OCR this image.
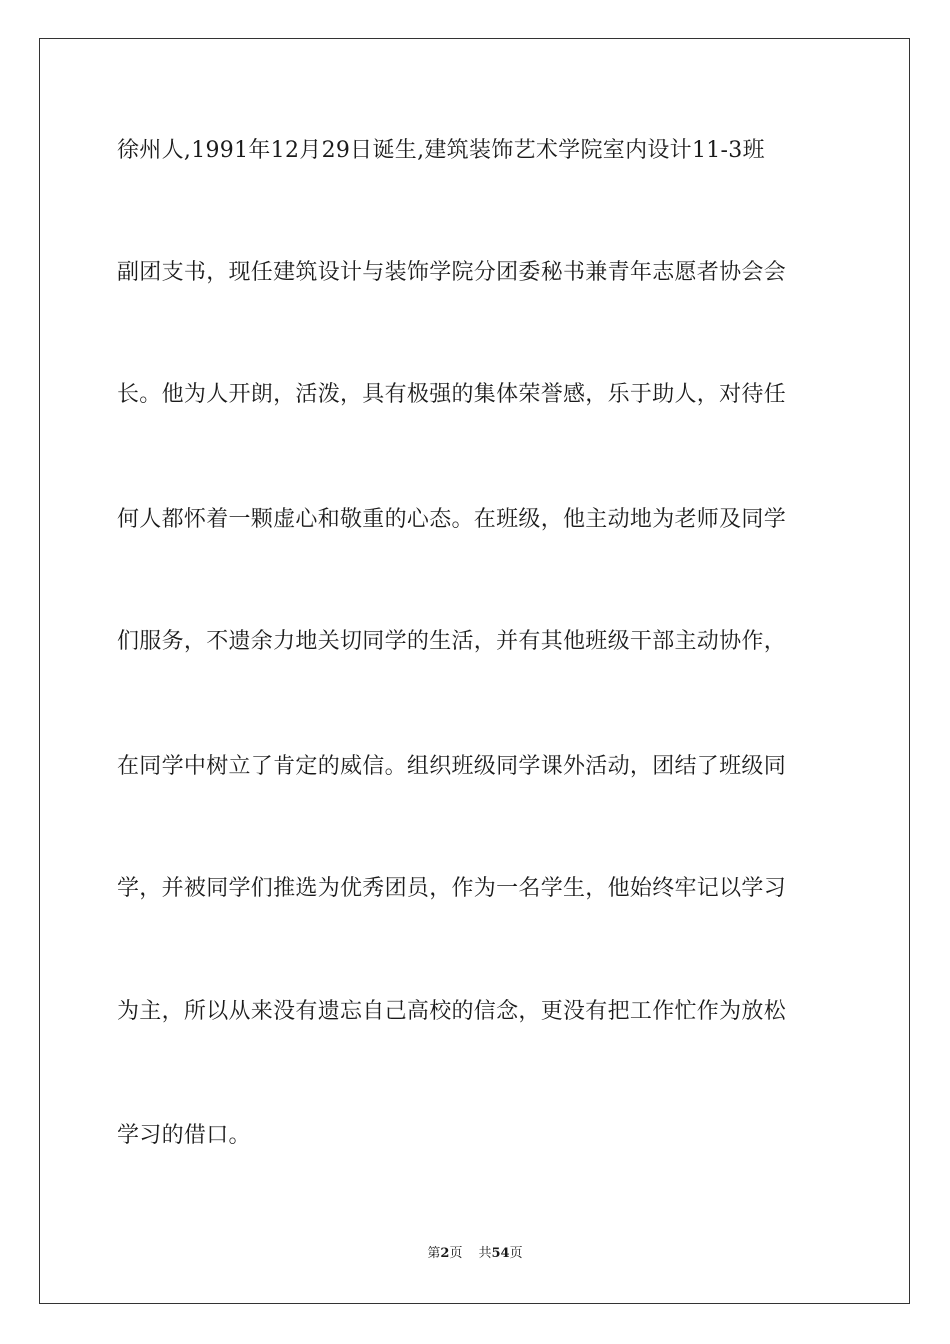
徐州人,1991年12月29日诞生,建筑装饰艺术学院室内设计11-3班
副团支书，现任建筑设计与装饰学院分团委秘书兼青年志愿者协会会
长。他为人开朗，活泼，具有极强的集体荣誉感，乐于助人，对待任
何人都怀着一颗虚心和敬重的心态。在班级，他主动地为老师及同学
们服务，不遗余力地关切同学的生活，并有其他班级干部主动协作，
在同学中树立了肯定的威信。组织班级同学课外活动，团结了班级同
学，并被同学们推选为优秀团员，作为一名学生，他始终牢记以学习
为主，所以从来没有遗忘自己高校的信念，更没有把工作忙作为放松
学习的借口。
第2页 共54页
